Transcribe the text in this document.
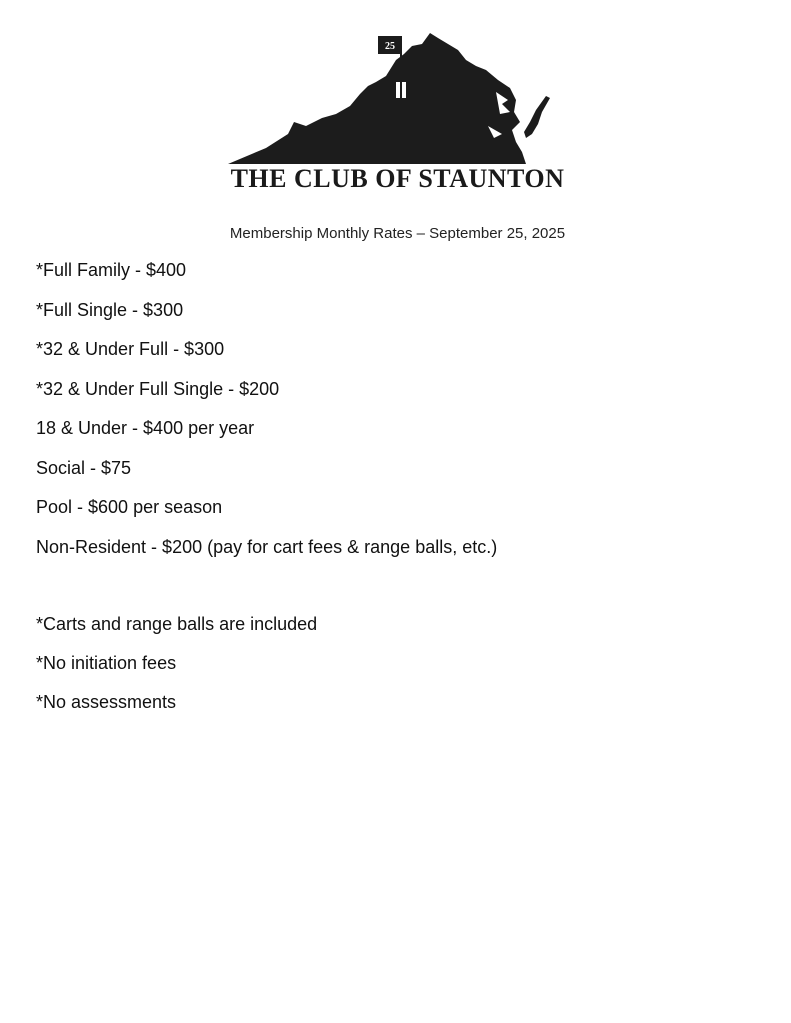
25
THE CLUB OF STAUNTON
Membership Monthly Rates – September 25, 2025
*Full Family - $400
*Full Single - $300
*32 & Under Full - $300
*32 & Under Full Single - $200
18 & Under - $400 per year
Social - $75
Pool - $600 per season
Non-Resident - $200 (pay for cart fees & range balls, etc.)
*Carts and range balls are included
*No initiation fees
*No assessments
